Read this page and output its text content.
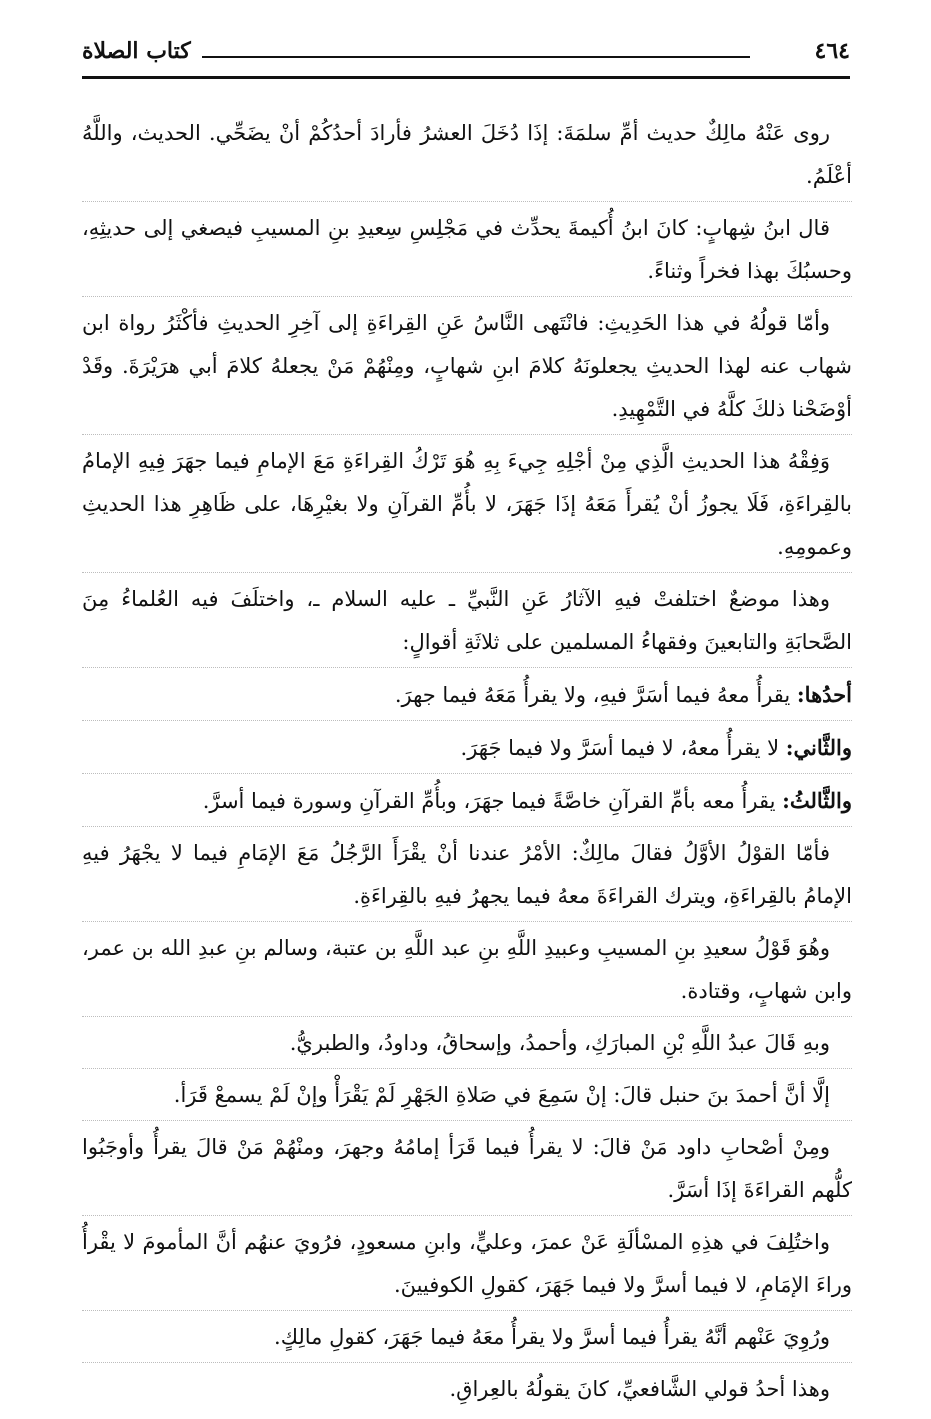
٤٦٤
كتاب الصلاة

روى عَنْهُ مالِكٌ حديث أمِّ سلمَةَ: إذَا دُخَلَ العشرُ فأرادَ أحدُكُمْ أنْ يضَحِّي. الحديث، واللَّهُ أعْلَمُ.

قال ابنُ شِهابٍ: كانَ ابنُ أُكيمةَ يحدِّث في مَجْلِسِ سِعيدِ بنِ المسيبِ فيصغي إلى حديثِهِ، وحسبُكَ بهذا فخراً وثناءً.

وأمّا قولُهُ في هذا الحَدِيثِ: فانْتَهى النَّاسُ عَنِ القِراءَةِ إلى آخِرِ الحديثِ فأكْثَرُ رواة ابن شهاب عنه لهذا الحديثِ يجعلونَهُ كلامَ ابنِ شهابٍ، ومِنْهُمْ مَنْ يجعلهُ كلامَ أبي هرَيْرَةَ. وقَدْ أوْضَحْنا ذلكَ كلَّهُ في التَّمْهِيدِ.

وَفِقْهُ هذا الحديثِ الَّذِي مِنْ أجْلِهِ جِيءَ بِهِ هُوَ تَرْكُ القِراءَةِ مَعَ الإمامِ فيما جهَرَ فِيهِ الإمامُ بالقِراءَةِ، فَلَا يجوزُ أنْ يُقرأَ مَعَهُ إذَا جَهَرَ، لا بأُمِّ القرآنِ ولا بغيْرِهَا، على ظَاهِرِ هذا الحديثِ وعمومِهِ.

وهذا موضعٌ اختلفتْ فيهِ الآثارُ عَنِ النَّبيِّ ـ عليه السلام ـ، واختلَفَ فيه العُلماءُ مِنَ الصَّحابَةِ والتابعينَ وفقهاءُ المسلمين على ثلاثَةِ أقوالٍ:

أحدُها: يقرأُ معهُ فيما أسَرَّ فيهِ، ولا يقرأُ مَعَهُ فيما جهرَ.

والثَّاني: لا يقرأُ معهُ، لا فيما أسَرَّ ولا فيما جَهَرَ.

والثَّالثُ: يقرأُ معه بأمِّ القرآنِ خاصَّةً فيما جهَرَ، وبأُمِّ القرآنِ وسورة فيما أسرَّ.

فأمّا القوْلُ الأوَّلُ فقالَ مالِكٌ: الأمْرُ عندنا أنْ يقْرَأَ الرَّجُلُ مَعَ الإمَامِ فيما لا يجْهَرُ فيهِ الإمامُ بالقِراءَةِ، ويترك القراءَةَ معهُ فيما يجهرُ فيهِ بالقِراءَةِ.

وهُوَ قَوْلُ سعيدِ بنِ المسيبِ وعبيدِ اللَّهِ بنِ عبد اللَّهِ بن عتبة، وسالم بنِ عبدِ الله بن عمر، وابن شهابٍ، وقتادة.

وبهِ قَالَ عبدُ اللَّهِ بْنِ المبارَكِ، وأحمدُ، وإسحاقُ، وداودُ، والطبريُّ.

إلَّا أنَّ أحمدَ بنَ حنبل قالَ: إنْ سَمِعَ في صَلاةِ الجَهْرِ لَمْ يَقْرَأْ وإنْ لَمْ يسمعْ قَرَأ.

ومِنْ أصْحابِ داود مَنْ قالَ: لا يقرأُ فيما قَرَأ إمامُهُ وجهرَ، ومنْهُمْ مَنْ قالَ يقرأُ وأوجَبُوا كلُّهم القراءَةَ إذَا أسَرَّ.

واختُلِفَ في هذِهِ المسْألَةِ عَنْ عمرَ، وعليٍّ، وابنِ مسعودٍ، فرُويَ عنهُم أنَّ المأمومَ لا يقْرأُ وراءَ الإمَامِ، لا فيما أسرَّ ولا فيما جَهَرَ، كقولِ الكوفيينَ.

ورُوِيَ عَنْهم أنَّهُ يقرأُ فيما أسرَّ ولا يقرأُ معَهُ فيما جَهَرَ، كقولِ مالِكٍ.

وهذا أحدُ قولي الشَّافعيِّ، كانَ يقولُهُ بالعِراقِ.
